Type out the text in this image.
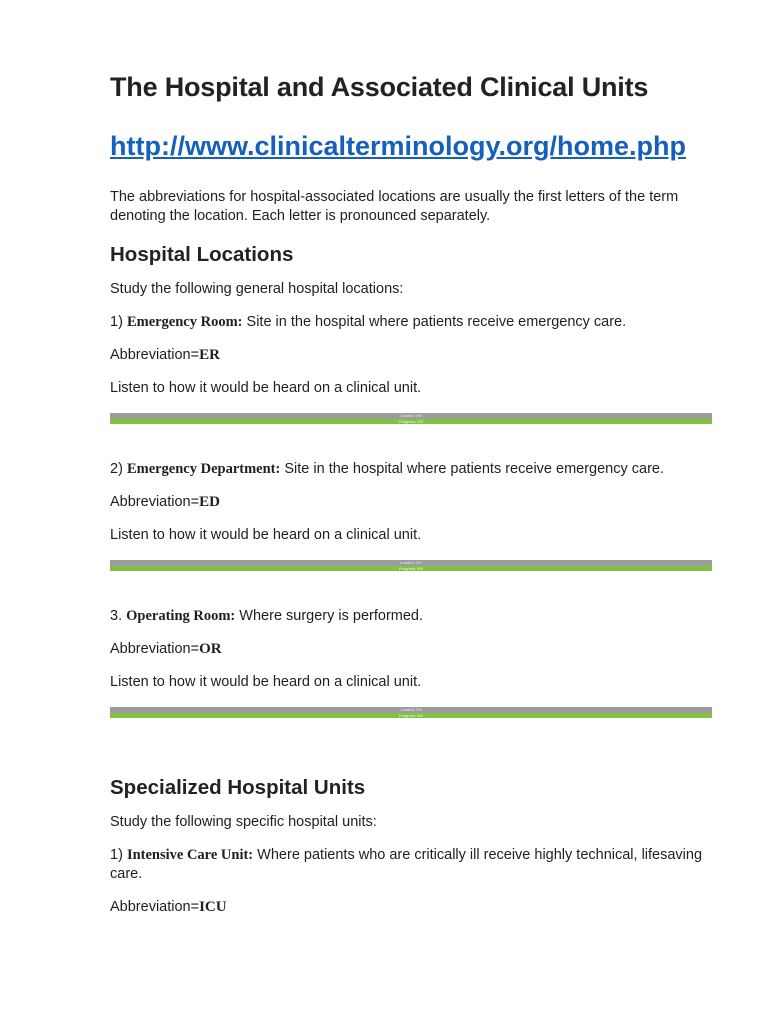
The Hospital and Associated Clinical Units
http://www.clinicalterminology.org/home.php

The abbreviations for hospital-associated locations are usually the first letters of the term denoting the location. Each letter is pronounced separately.

Hospital Locations

Study the following general hospital locations:

1) Emergency Room: Site in the hospital where patients receive emergency care.

Abbreviation=ER

Listen to how it would be heard on a clinical unit.

Loaded: 0%
Progress: 0%

2) Emergency Department: Site in the hospital where patients receive emergency care.

Abbreviation=ED

Listen to how it would be heard on a clinical unit.

Loaded: 0%
Progress: 0%

3. Operating Room: Where surgery is performed.

Abbreviation=OR

Listen to how it would be heard on a clinical unit.

Loaded: 0%
Progress: 0%
Specialized Hospital Units

Study the following specific hospital units:

1) Intensive Care Unit: Where patients who are critically ill receive highly technical, lifesaving care.

Abbreviation=ICU
